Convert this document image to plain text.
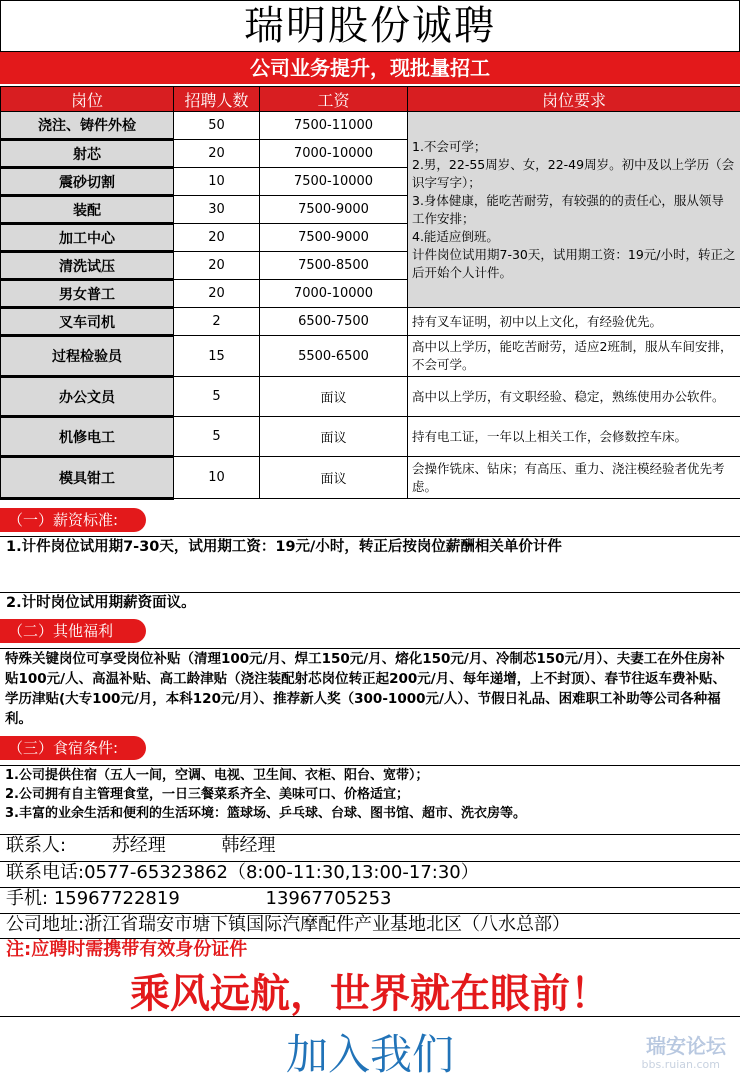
瑞明股份诚聘
公司业务提升，现批量招工
岗位	招聘人数	工资	岗位要求
浇注、铸件外检	50	7500-11000	1.不会可学；
2.男，22-55周岁、女，22-49周岁。初中及以上学历（会识字写字）；
3.身体健康，能吃苦耐劳，有较强的的责任心，服从领导工作安排；
4.能适应倒班。
计件岗位试用期7-30天，试用期工资：19元/小时，转正之后开始个人计件。

射芯	20	7000-10000	
震砂切割	10	7500-10000	
装配	30	7500-9000	
加工中心	20	7500-9000	
清洗试压	20	7500-8500	
男女普工	20	7000-10000	
叉车司机	2	6500-7500	持有叉车证明，初中以上文化，有经验优先。
过程检验员	15	5500-6500	高中以上学历，能吃苦耐劳，适应2班制，服从车间安排，不会可学。
办公文员	5	面议	高中以上学历，有文职经验、稳定，熟练使用办公软件。
机修电工	5	面议	持有电工证，一年以上相关工作，会修数控车床。
模具钳工	10	面议	会操作铣床、钻床；有高压、重力、浇注模经验者优先考虑。
（一）薪资标准:
1.计件岗位试用期7-30天，试用期工资：19元/小时，转正后按岗位薪酬相关单价计件
2.计时岗位试用期薪资面议。
（二）其他福利
特殊关键岗位可享受岗位补贴（清理100元/月、焊工150元/月、熔化150元/月、冷制芯150元/月）、夫妻工在外住房补贴100元/人、高温补贴、高工龄津贴（浇注装配射芯岗位转正起200元/月、每年递增，上不封顶）、春节往返车费补贴、学历津贴(大专100元/月，本科120元/月）、推荐新人奖（300-1000元/人）、节假日礼品、困难职工补助等公司各种福利。
（三）食宿条件:
1.公司提供住宿（五人一间，空调、电视、卫生间、衣柜、阳台、宽带）；
2.公司拥有自主管理食堂，一日三餐菜系齐全、美味可口、价格适宜；
3.丰富的业余生活和便利的生活环境：篮球场、乒乓球、台球、图书馆、超市、洗衣房等。
联系人:	苏经理	韩经理
联系电话:0577-65323862（8:00-11:30,13:00-17:30）
手机: 15967722819	13967705253
公司地址:浙江省瑞安市塘下镇国际汽摩配件产业基地北区（八水总部）
注:应聘时需携带有效身份证件
乘风远航，世界就在眼前！
加入我们	瑞安论坛
bbs.ruian.com
